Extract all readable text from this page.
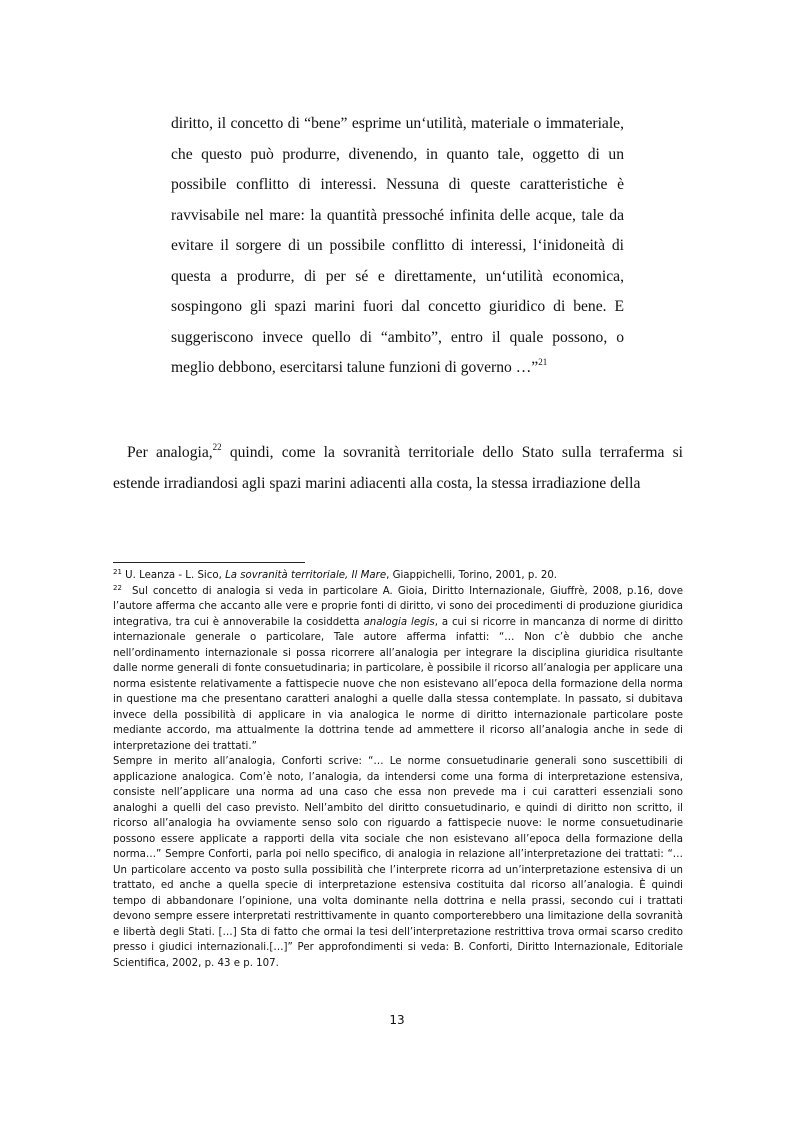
diritto, il concetto di “bene” esprime un‘utilità, materiale o immateriale, che questo può produrre, divenendo, in quanto tale, oggetto di un possibile conflitto di interessi. Nessuna di queste caratteristiche è ravvisabile nel mare: la quantità pressoché infinita delle acque, tale da evitare il sorgere di un possibile conflitto di interessi, l‘inidoneità di questa a produrre, di per sé e direttamente, un‘utilità economica, sospingono gli spazi marini fuori dal concetto giuridico di bene. E suggeriscono invece quello di “ambito”, entro il quale possono, o meglio debbono, esercitarsi talune funzioni di governo …”$^{21}$

Per analogia,$^{22}$ quindi, come la sovranità territoriale dello Stato sulla terraferma si estende irradiandosi agli spazi marini adiacenti alla costa, la stessa irradiazione della

$^{21}$ U. Leanza - L. Sico, La sovranità territoriale, Il Mare, Giappichelli, Torino, 2001, p. 20.

$^{22}$ Sul concetto di analogia si veda in particolare A. Gioia, Diritto Internazionale, Giuffrè, 2008, p.16, dove l’autore afferma che accanto alle vere e proprie fonti di diritto, vi sono dei procedimenti di produzione giuridica integrativa, tra cui è annoverabile la cosiddetta analogia legis, a cui si ricorre in mancanza di norme di diritto internazionale generale o particolare, Tale autore afferma infatti: “… Non c’è dubbio che anche nell’ordinamento internazionale si possa ricorrere all’analogia per integrare la disciplina giuridica risultante dalle norme generali di fonte consuetudinaria; in particolare, è possibile il ricorso all’analogia per applicare una norma esistente relativamente a fattispecie nuove che non esistevano all’epoca della formazione della norma in questione ma che presentano caratteri analoghi a quelle dalla stessa contemplate. In passato, si dubitava invece della possibilità di applicare in via analogica le norme di diritto internazionale particolare poste mediante accordo, ma attualmente la dottrina tende ad ammettere il ricorso all’analogia anche in sede di interpretazione dei trattati.”

Sempre in merito all’analogia, Conforti scrive: “… Le norme consuetudinarie generali sono suscettibili di applicazione analogica. Com’è noto, l’analogia, da intendersi come una forma di interpretazione estensiva, consiste nell’applicare una norma ad una caso che essa non prevede ma i cui caratteri essenziali sono analoghi a quelli del caso previsto. Nell’ambito del diritto consuetudinario, e quindi di diritto non scritto, il ricorso all’analogia ha ovviamente senso solo con riguardo a fattispecie nuove: le norme consuetudinarie possono essere applicate a rapporti della vita sociale che non esistevano all’epoca della formazione della norma…” Sempre Conforti, parla poi nello specifico, di analogia in relazione all’interpretazione dei trattati: “… Un particolare accento va posto sulla possibilità che l’interprete ricorra ad un’interpretazione estensiva di un trattato, ed anche a quella specie di interpretazione estensiva costituita dal ricorso all’analogia. È quindi tempo di abbandonare l’opinione, una volta dominante nella dottrina e nella prassi, secondo cui i trattati devono sempre essere interpretati restrittivamente in quanto comporterebbero una limitazione della sovranità e libertà degli Stati. […] Sta di fatto che ormai la tesi dell’interpretazione restrittiva trova ormai scarso credito presso i giudici internazionali.[…]” Per approfondimenti si veda: B. Conforti, Diritto Internazionale, Editoriale Scientifica, 2002, p. 43 e p. 107.

13
